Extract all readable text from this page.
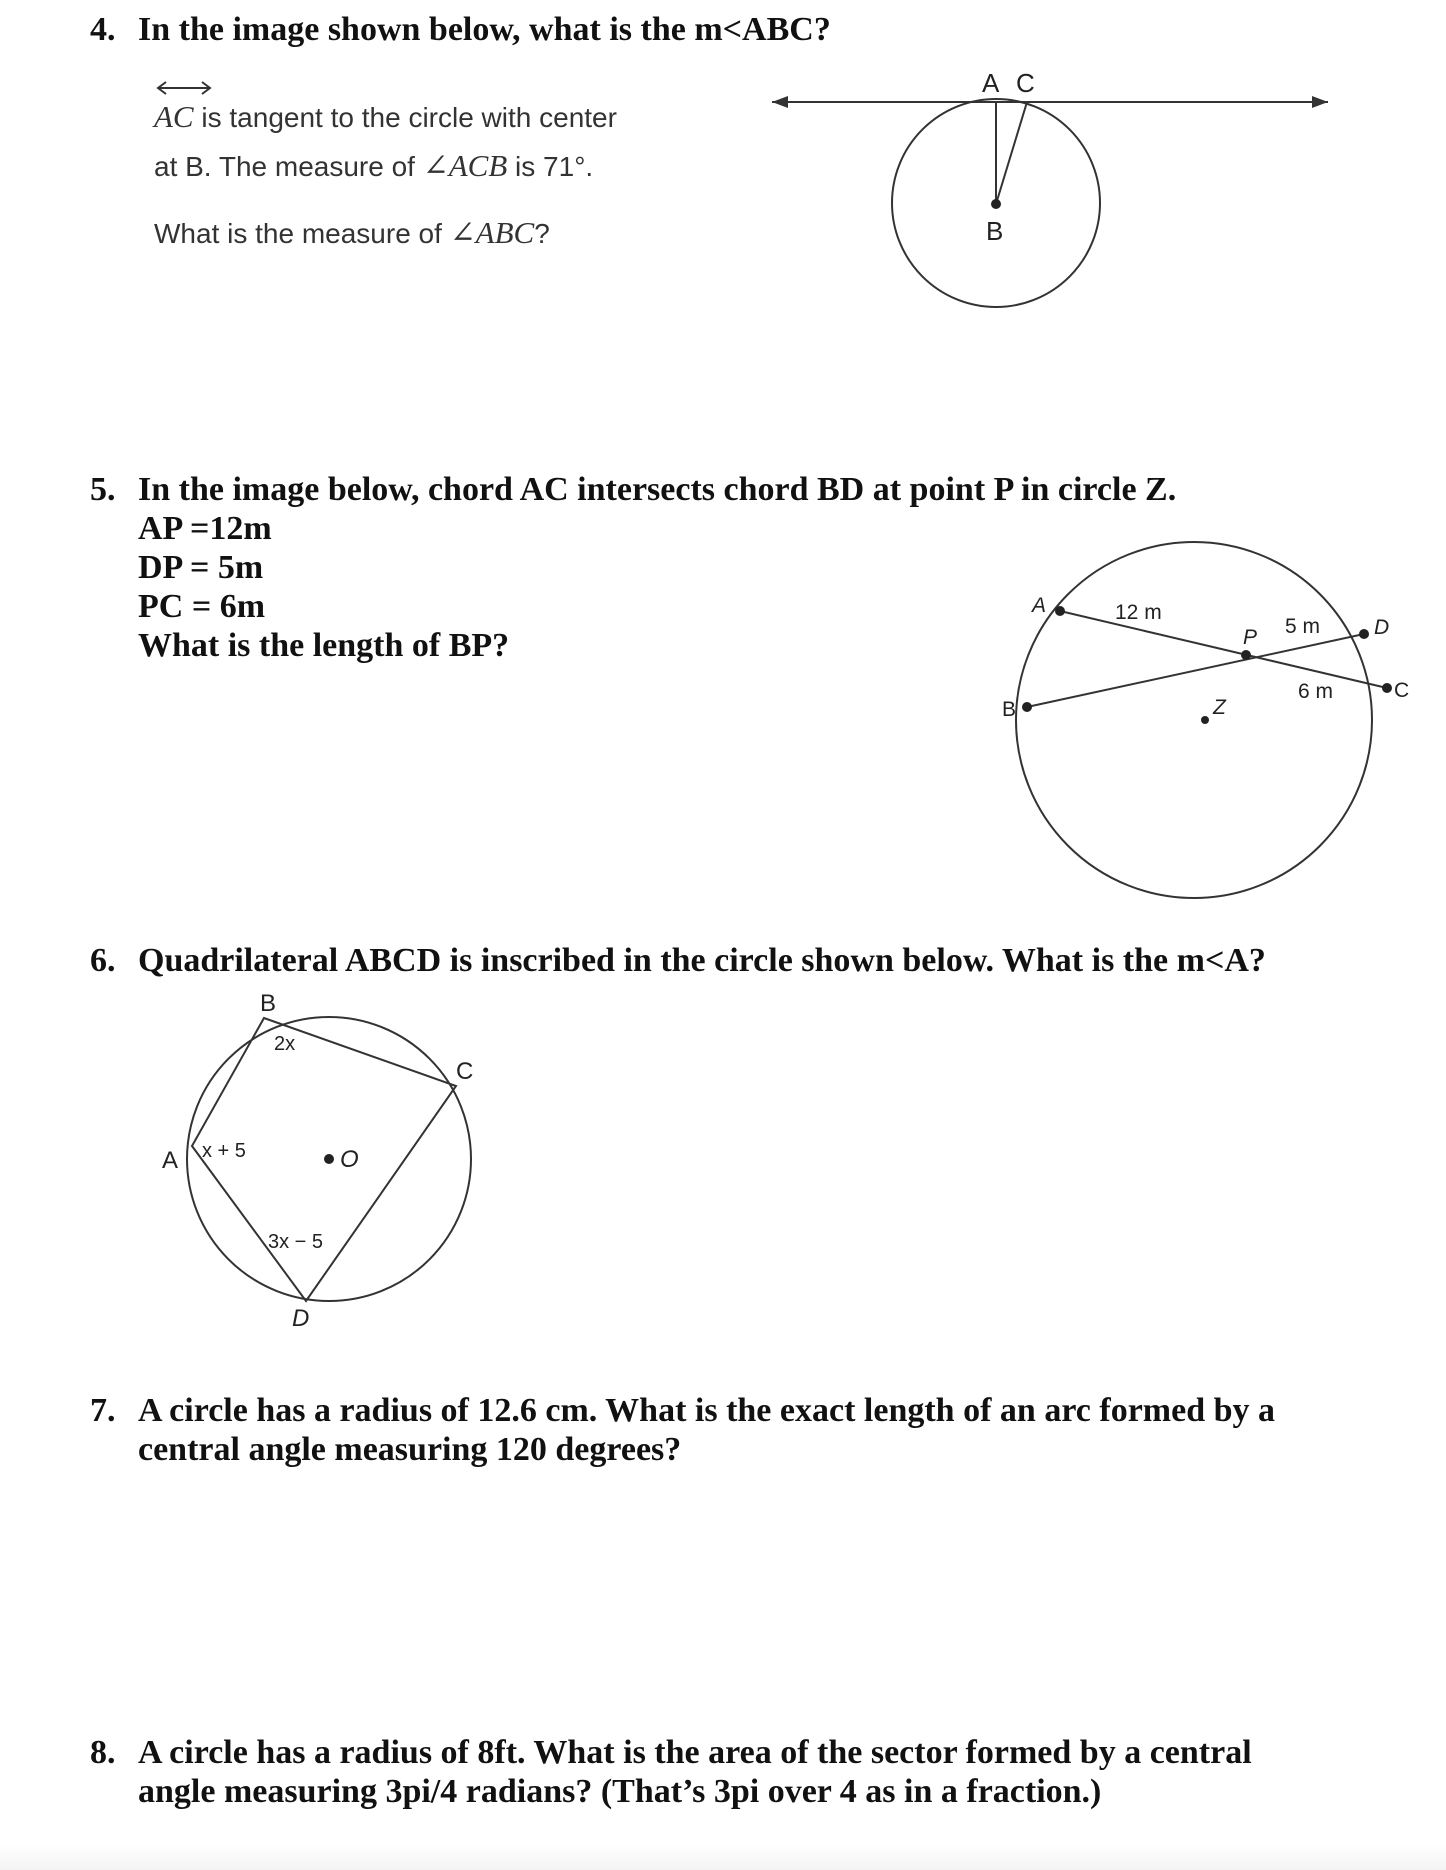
4. In the image shown below, what is the m<ABC?
AC is tangent to the circle with center
at B. The measure of ∠ACB is 71°.
What is the measure of ∠ABC?
A C
B
5. In the image below, chord AC intersects chord BD at point P in circle Z.
AP =12m
DP = 5m
PC = 6m
What is the length of BP?
A
B
C
D
P
Z
12 m
5 m
6 m
6. Quadrilateral ABCD is inscribed in the circle shown below. What is the m<A?
B
C
A
D
O
2x
x + 5
3x − 5
7. A circle has a radius of 12.6 cm. What is the exact length of an arc formed by a
central angle measuring 120 degrees?
8. A circle has a radius of 8ft. What is the area of the sector formed by a central
angle measuring 3pi/4 radians? (That’s 3pi over 4 as in a fraction.)
